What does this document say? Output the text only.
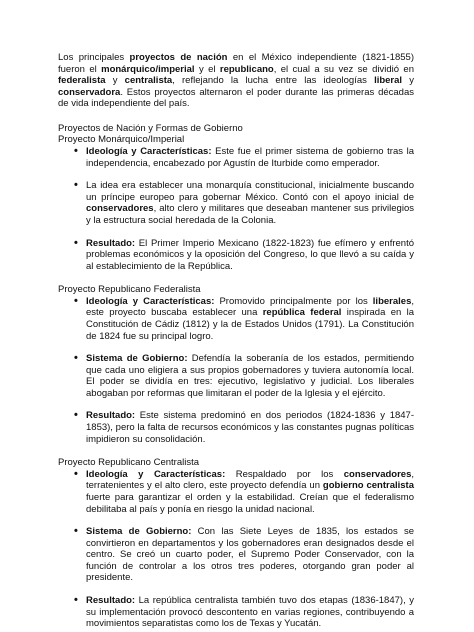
Los principales proyectos de nación en el México independiente (1821-1855) fueron el monárquico/imperial y el republicano, el cual a su vez se dividió en federalista y centralista, reflejando la lucha entre las ideologías liberal y conservadora. Estos proyectos alternaron el poder durante las primeras décadas de vida independiente del país.

Proyectos de Nación y Formas de Gobierno

Proyecto Monárquico/Imperial

• Ideología y Características: Este fue el primer sistema de gobierno tras la independencia, encabezado por Agustín de Iturbide como emperador.
• La idea era establecer una monarquía constitucional, inicialmente buscando un príncipe europeo para gobernar México. Contó con el apoyo inicial de conservadores, alto clero y militares que deseaban mantener sus privilegios y la estructura social heredada de la Colonia.
• Resultado: El Primer Imperio Mexicano (1822-1823) fue efímero y enfrentó problemas económicos y la oposición del Congreso, lo que llevó a su caída y al establecimiento de la República.

Proyecto Republicano Federalista

• Ideología y Características: Promovido principalmente por los liberales, este proyecto buscaba establecer una república federal inspirada en la Constitución de Cádiz (1812) y la de Estados Unidos (1791). La Constitución de 1824 fue su principal logro.
• Sistema de Gobierno: Defendía la soberanía de los estados, permitiendo que cada uno eligiera a sus propios gobernadores y tuviera autonomía local. El poder se dividía en tres: ejecutivo, legislativo y judicial. Los liberales abogaban por reformas que limitaran el poder de la Iglesia y el ejército.
• Resultado: Este sistema predominó en dos periodos (1824-1836 y 1847-1853), pero la falta de recursos económicos y las constantes pugnas políticas impidieron su consolidación.

Proyecto Republicano Centralista

• Ideología y Características: Respaldado por los conservadores, terratenientes y el alto clero, este proyecto defendía un gobierno centralista fuerte para garantizar el orden y la estabilidad. Creían que el federalismo debilitaba al país y ponía en riesgo la unidad nacional.
• Sistema de Gobierno: Con las Siete Leyes de 1835, los estados se convirtieron en departamentos y los gobernadores eran designados desde el centro. Se creó un cuarto poder, el Supremo Poder Conservador, con la función de controlar a los otros tres poderes, otorgando gran poder al presidente.
• Resultado: La república centralista también tuvo dos etapas (1836-1847), y su implementación provocó descontento en varias regiones, contribuyendo a movimientos separatistas como los de Texas y Yucatán.
